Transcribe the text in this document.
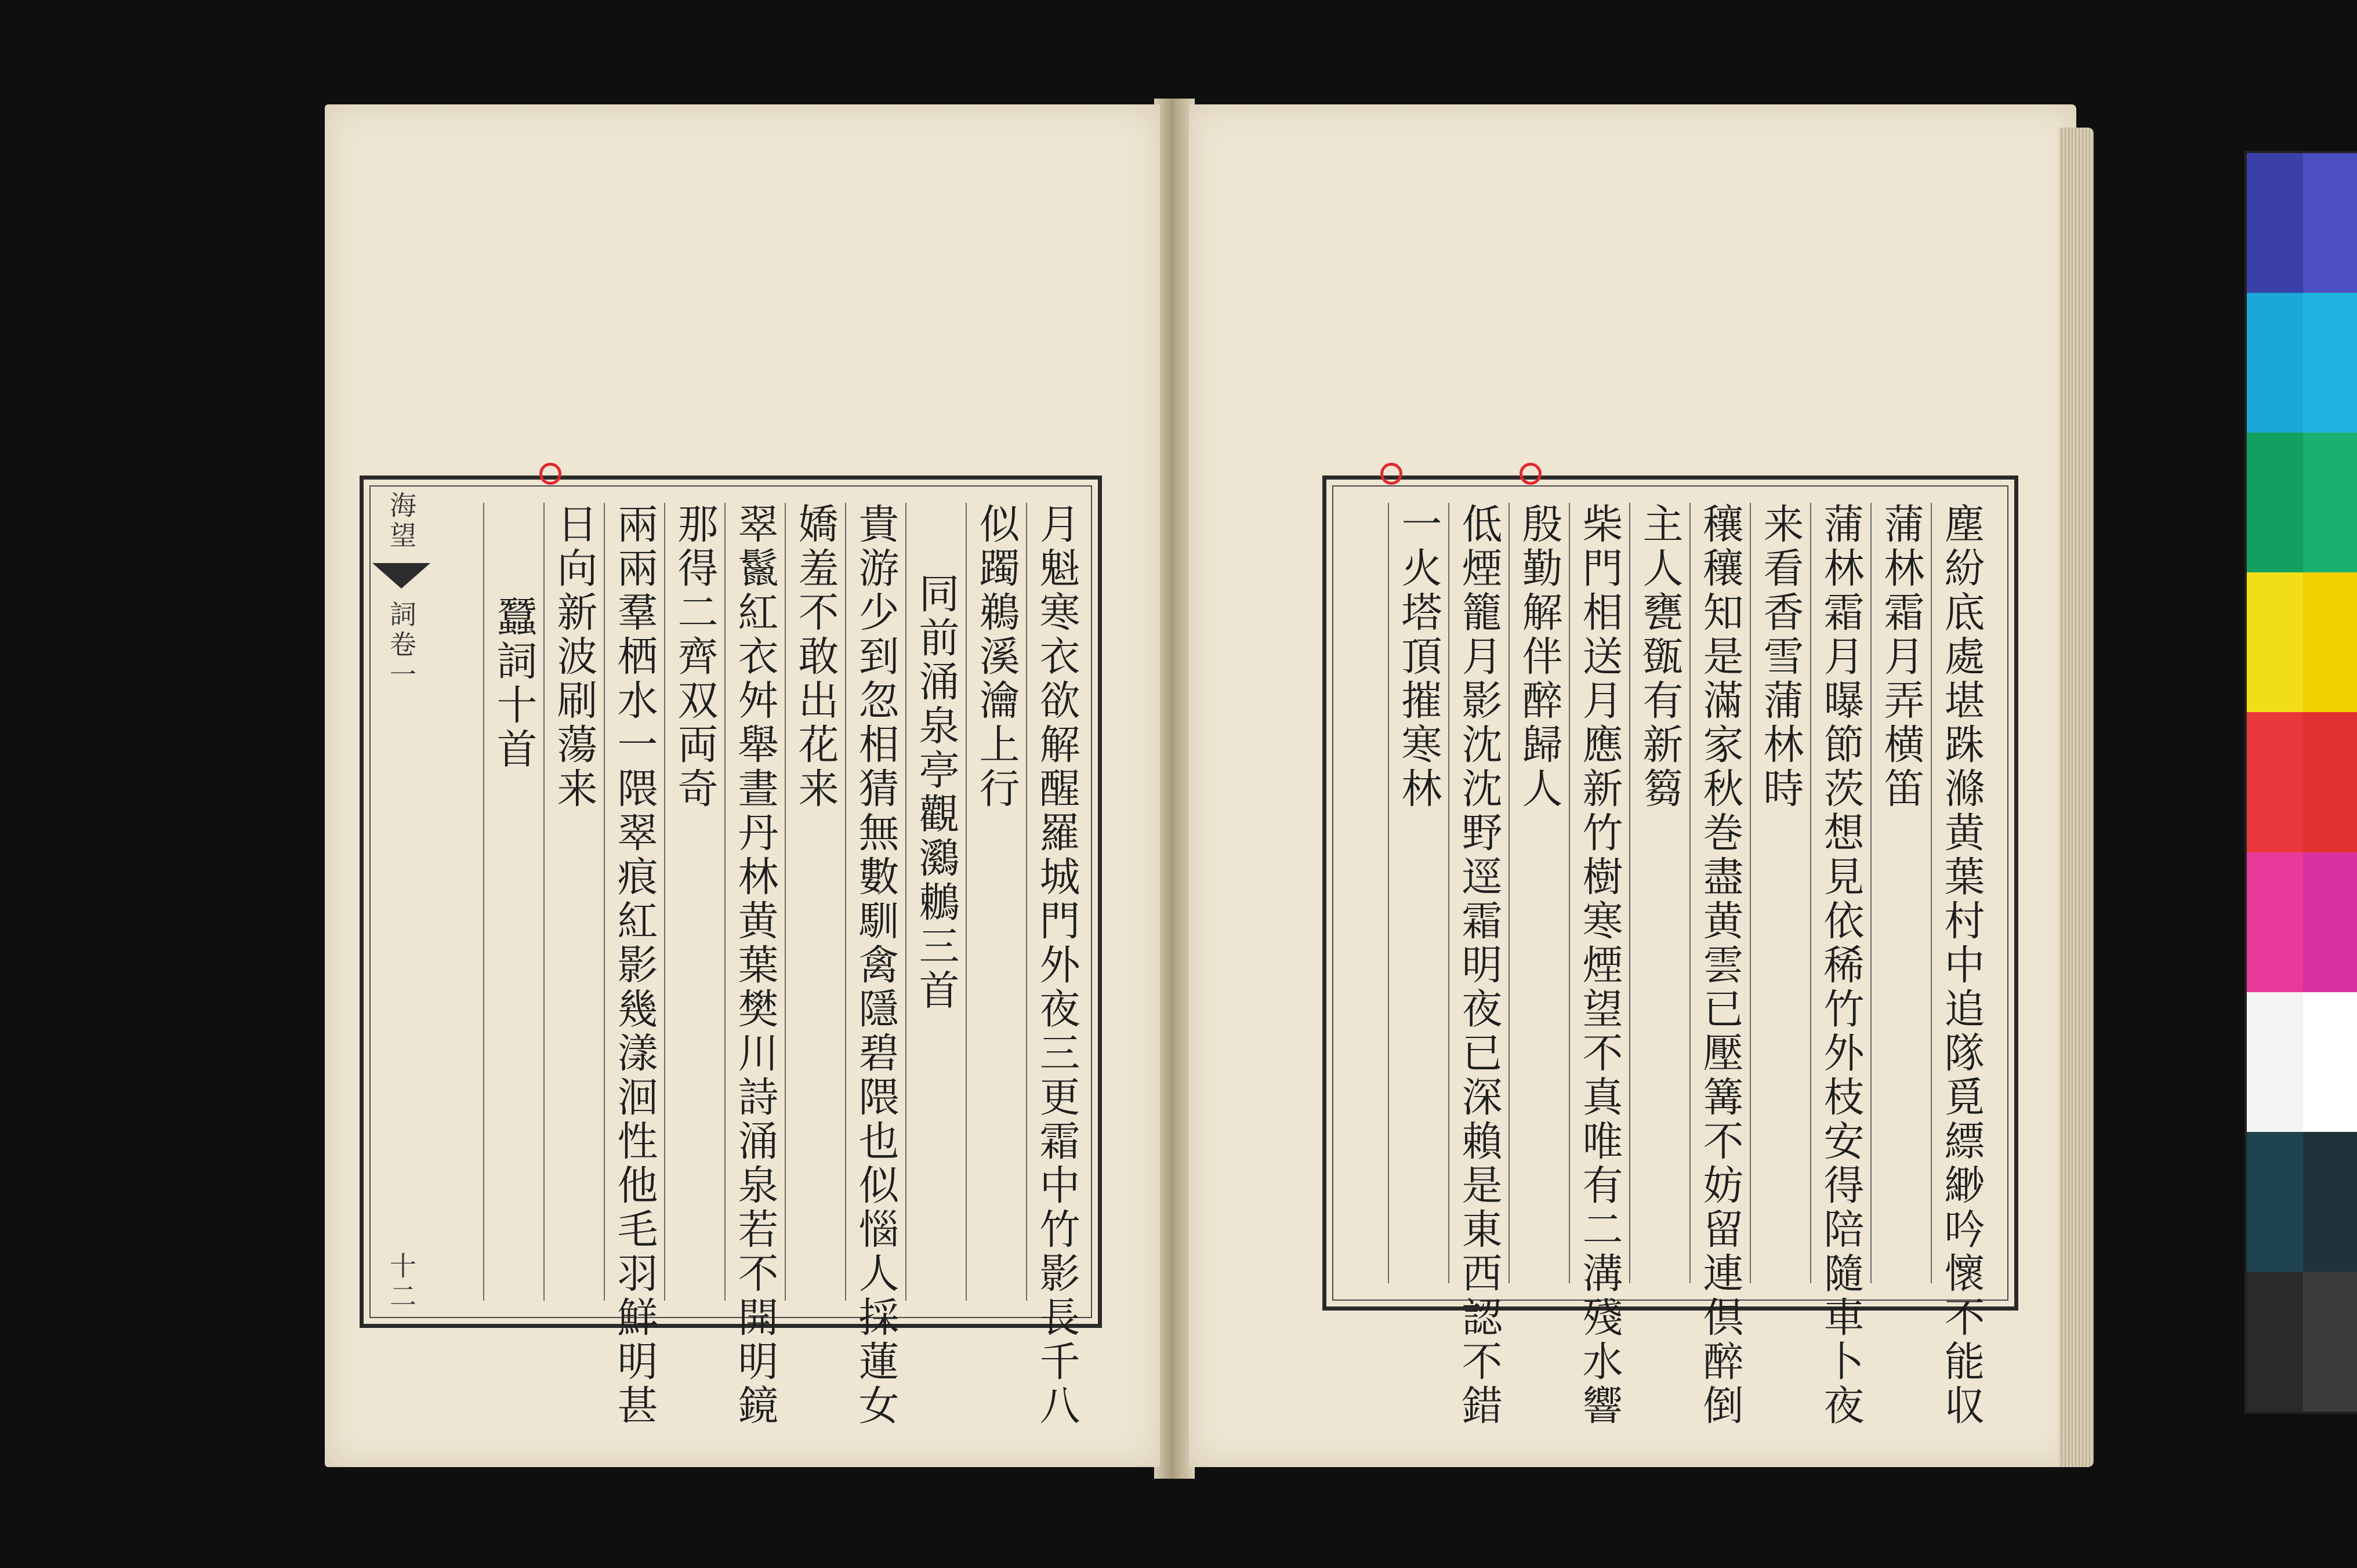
月魁寒衣欲解醒羅城門外夜三更霜中竹影長千八
似躅鵜溪瀹上行
同前涌泉亭觀鸂鶒三首
貴游少到忽相猜無數馴禽隱碧隈也似惱人採蓮女
嬌羞不敢出花来
翠鬣紅衣舛舉晝丹林黄葉樊川詩涌泉若不開明鏡
那得二齊双両奇
兩兩羣栖水一隈翠痕紅影幾漾洄性他毛羽鮮明甚
日向新波刷蕩来
蠶詞十首
海望
詞卷一
十二	塵紛底處堪跦滌黄葉村中追隊覓縹緲吟懷不能収
蒲林霜月弄横笛
蒲林霜月曝節茨想見依稀竹外枝安得陪隨車卜夜
来看香雪蒲林時
穰穰知是滿家秋巻盡黄雲已壓篝不妨留連倶醉倒
主人甕㽅有新篘
柴門相送月應新竹樹寒煙望不真唯有二溝殘水響
殷勤解伴醉歸人
低煙籠月影沈沈野逕霜明夜已深賴是東西認不錯
一火塔頂摧寒林
